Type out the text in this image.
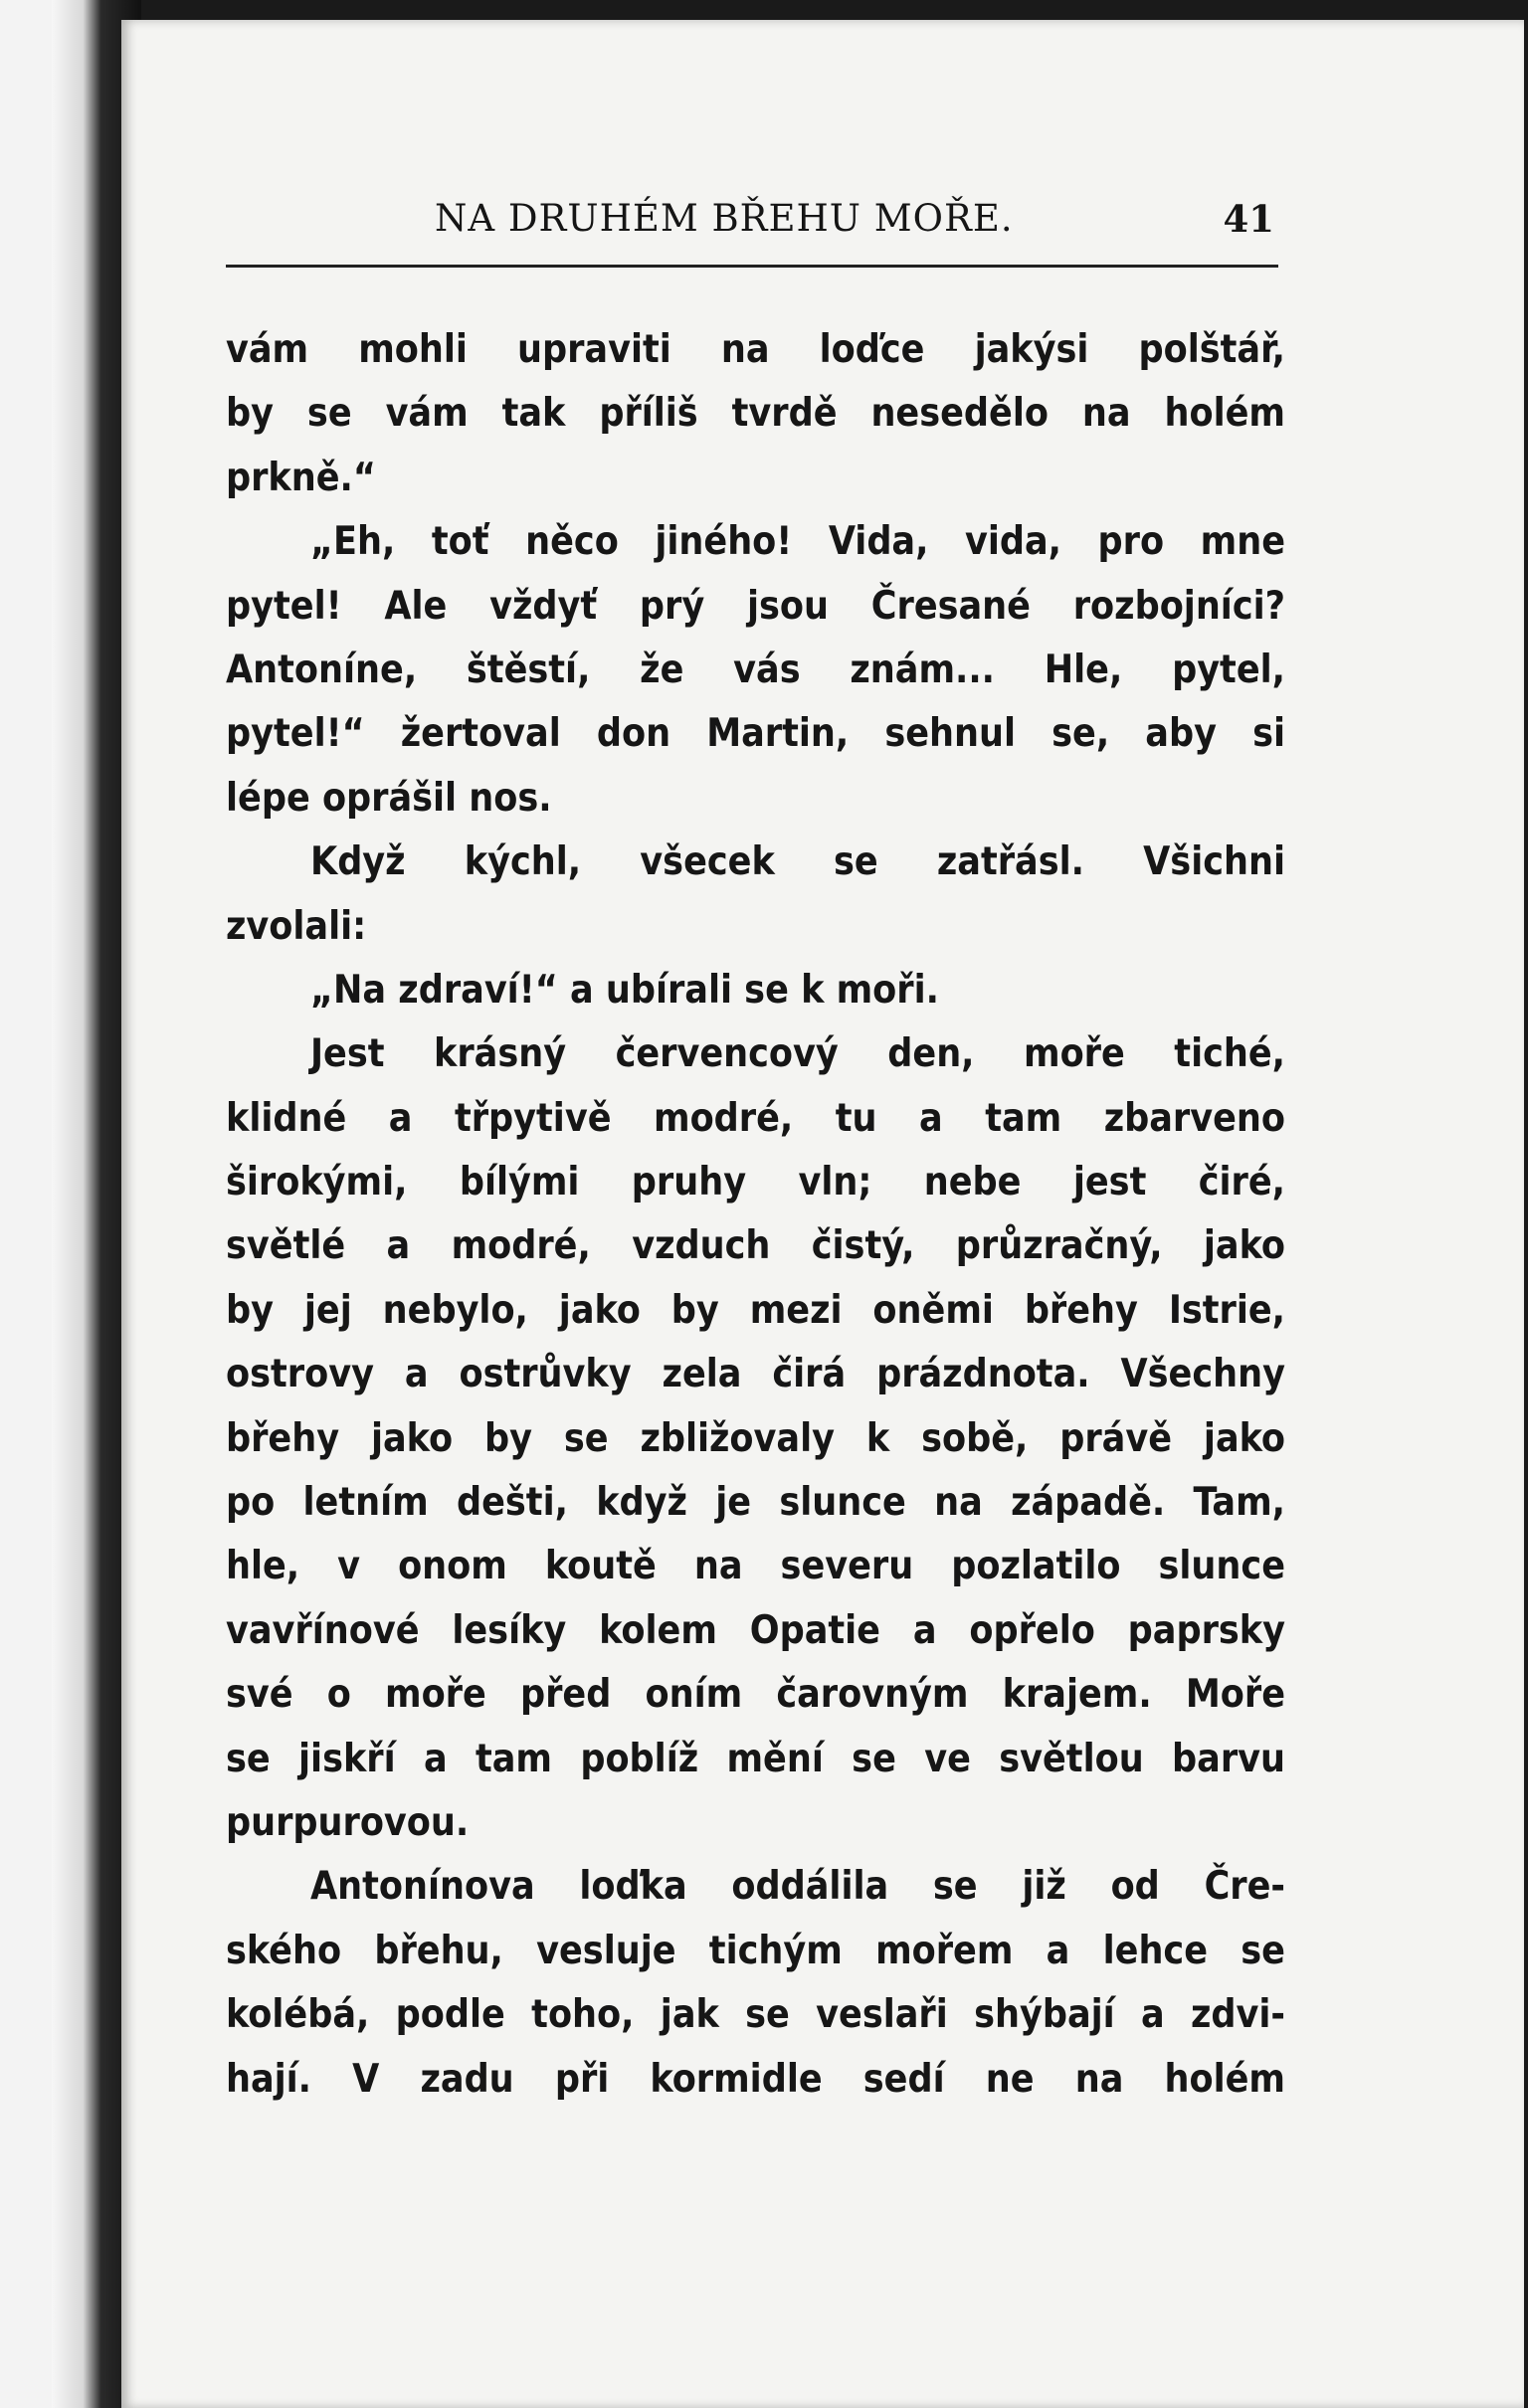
NA DRUHÉM BŘEHU MOŘE.	41
vám mohli upraviti na loďce jakýsi polštář,
by se vám tak příliš tvrdě nesedělo na holém
prkně.“
„Eh, toť něco jiného! Vida, vida, pro mne
pytel! Ale vždyť prý jsou Čresané rozbojníci?
Antoníne, štěstí, že vás znám... Hle, pytel,
pytel!“ žertoval don Martin, sehnul se, aby si
lépe oprášil nos.
Když kýchl, všecek se zatřásl. Všichni
zvolali:
„Na zdraví!“ a ubírali se k moři.
Jest krásný červencový den, moře tiché,
klidné a třpytivě modré, tu a tam zbarveno
širokými, bílými pruhy vln; nebe jest čiré,
světlé a modré, vzduch čistý, průzračný, jako
by jej nebylo, jako by mezi oněmi břehy Istrie,
ostrovy a ostrůvky zela čirá prázdnota. Všechny
břehy jako by se zbližovaly k sobě, právě jako
po letním dešti, když je slunce na západě. Tam,
hle, v onom koutě na severu pozlatilo slunce
vavřínové lesíky kolem Opatie a opřelo paprsky
své o moře před oním čarovným krajem. Moře
se jiskří a tam poblíž mění se ve světlou barvu
purpurovou.
Antonínova loďka oddálila se již od Čre-
ského břehu, vesluje tichým mořem a lehce se
kolébá, podle toho, jak se veslaři shýbají a zdvi-
hají. V zadu při kormidle sedí ne na holém
